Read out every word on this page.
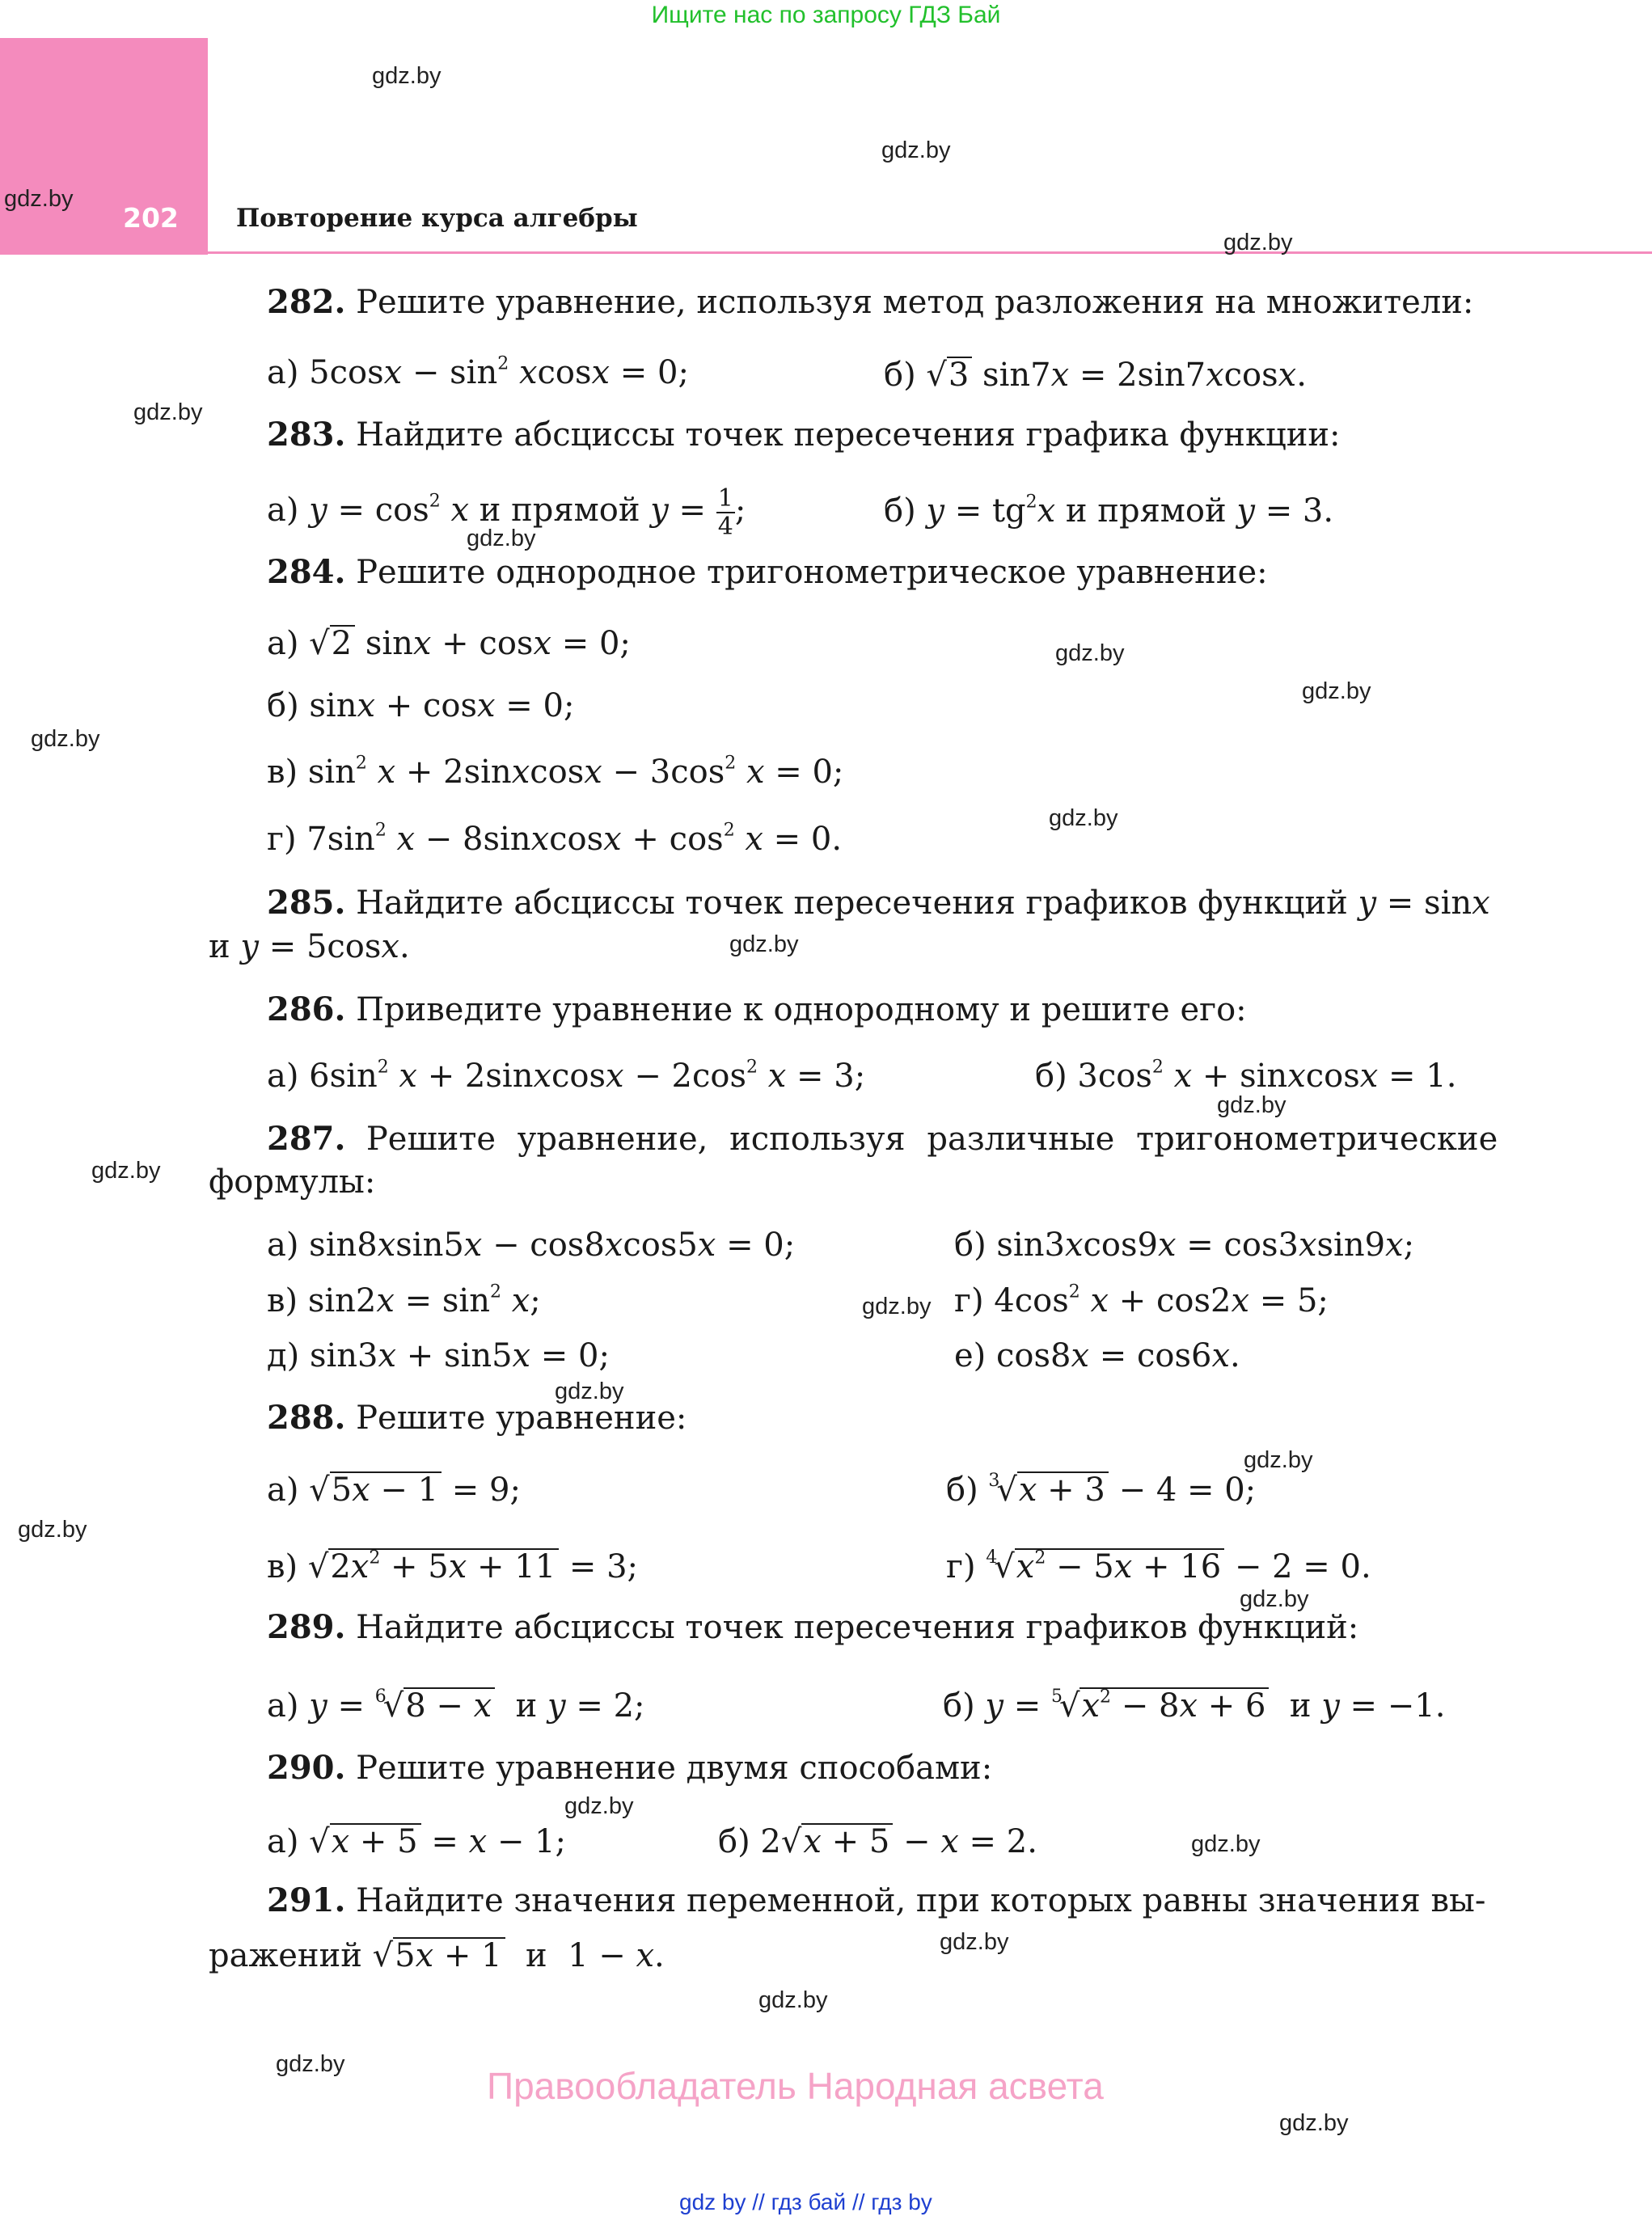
Ищите нас по запросу ГДЗ Бай
202 Повторение курса алгебры
gdz.by
gdz.by
gdz.by
gdz.by
gdz.by
gdz.by
gdz.by
gdz.by
gdz.by
gdz.by
gdz.by
gdz.by
gdz.by
gdz.by
gdz.by
gdz.by
gdz.by
gdz.by
gdz.by
gdz.by
gdz.by
gdz.by
gdz.by
gdz.by
282. Решите уравнение, используя метод разложения на множители:
а) $5\cos x - \sin^2 xcosx = 0$;	б) √3 sin7x = 2sin7xcosx.
283. Найдите абсциссы точек пересечения графика функции:
а) $y = \cos^2 x$ и прямой $y = \frac{1}{4}$ ;	б) $y = tg^2x$ и прямой y = 3.
284. Решите однородное тригонометрическое уравнение:
а) √2 sinx + cosx = 0;
б) sinx + cosx = 0;
в) $\sin^2 x$ + 2sinxcosx − $3\cos^2$ x = 0;
г) $7\sin^2$ x − 8sinxcosx + $\cos^2 x = 0$.
285. Найдите абсциссы точек пересечения графиков функций y = sinx
и y = 5cosx.
286. Приведите уравнение к однородному и решите его:
а) $6\sin^2$ x + 2sinxcosx − $2\cos^2$ x = 3;	б) $3\cos^2$ x + sinxcosx = 1.
287. Решите уравнение, используя различные тригонометрические
формулы:
а) sin8xsin5x − cos8xcos5x = 0;	б) sin3xcos9x = cos3xsin9x;
в) $\sin 2x = \sin^2 x$;	г) $4\cos^2$ x + cos2x = 5;
д) sin3x + sin5x = 0;	е) cos8x = cos6x.
288. Решите уравнение:
а) √5x − 1 = 9;	б) $^3$√x + 3 − 4 = 0;
в) $√2x^2 + 5x + 11 = 3$;	г) $^4√x^2 - 5x + 16 - 2 = 0$.
289. Найдите абсциссы точек пересечения графиков функций:
а) y = $^6$√8 − x и y = 2;	б) $y = ^5√x^2 - 8x + 6$ и y = −1.
290. Решите уравнение двумя способами:
а) √x + 5 = x − 1;	б) 2√x + 5 − x = 2.
291. Найдите значения переменной, при которых равны значения вы-
ражений √5x + 1 и  1 − x.
Правообладатель Народная асвета
gdz by // гдз бай // гдз by
